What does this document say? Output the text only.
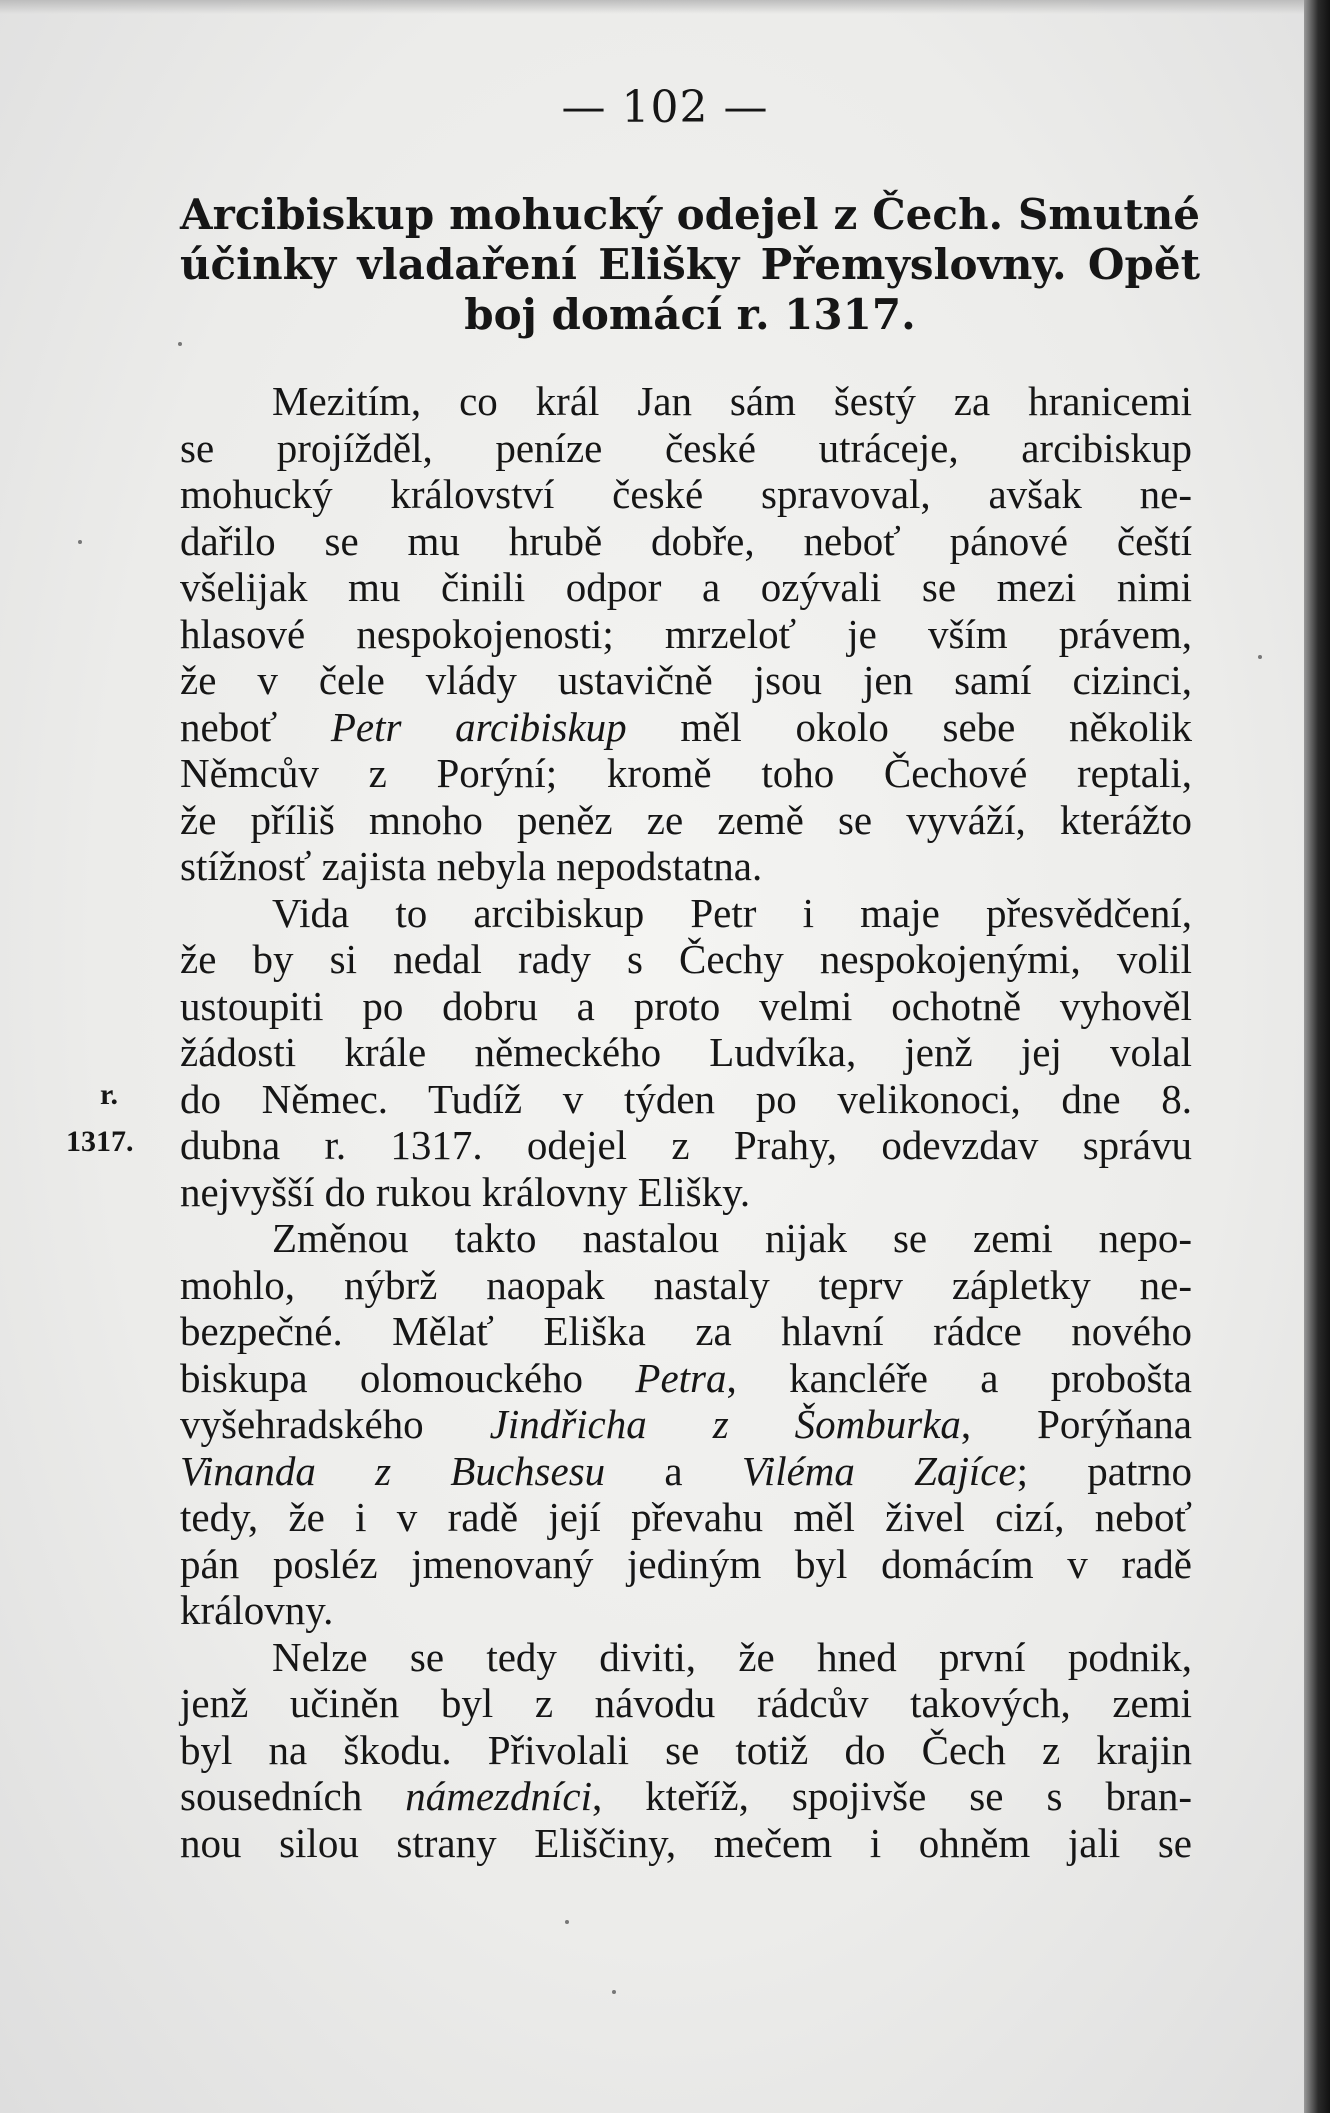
— 102 —
Arcibiskup mohucký odejel z Čech. Smutné
účinky vladaření Elišky Přemyslovny. Opět
boj domácí r. 1317.
r.
1317.
Mezitím, co král Jan sám šestý za hranicemi
se projížděl, peníze české utráceje, arcibiskup
mohucký království české spravoval, avšak ne-
dařilo se mu hrubě dobře, neboť pánové čeští
všelijak mu činili odpor a ozývali se mezi nimi
hlasové nespokojenosti; mrzeloť je vším právem,
že v čele vlády ustavičně jsou jen samí cizinci,
neboť Petr arcibiskup měl okolo sebe několik
Němcův z Porýní; kromě toho Čechové reptali,
že příliš mnoho peněz ze země se vyváží, kterážto
stížnosť zajista nebyla nepodstatna.
Vida to arcibiskup Petr i maje přesvědčení,
že by si nedal rady s Čechy nespokojenými, volil
ustoupiti po dobru a proto velmi ochotně vyhověl
žádosti krále německého Ludvíka, jenž jej volal
do Němec. Tudíž v týden po velikonoci, dne 8.
dubna r. 1317. odejel z Prahy, odevzdav správu
nejvyšší do rukou královny Elišky.
Změnou takto nastalou nijak se zemi nepo-
mohlo, nýbrž naopak nastaly teprv zápletky ne-
bezpečné. Mělať Eliška za hlavní rádce nového
biskupa olomouckého Petra, kancléře a proboštа
vyšehradského Jindřicha z Šomburka, Porýňana
Vinanda z Buchsesu a Viléma Zajíce; patrno
tedy, že i v radě její převahu měl živel cizí, neboť
pán posléz jmenovaný jediným byl domácím v radě
královny.
Nelze se tedy diviti, že hned první podnik,
jenž učiněn byl z návodu rádcův takových, zemi
byl na škodu. Přivolali se totiž do Čech z krajin
sousedních námezdníci, kteříž, spojivše se s bran-
nou silou strany Eliščiny, mečem i ohněm jali se
